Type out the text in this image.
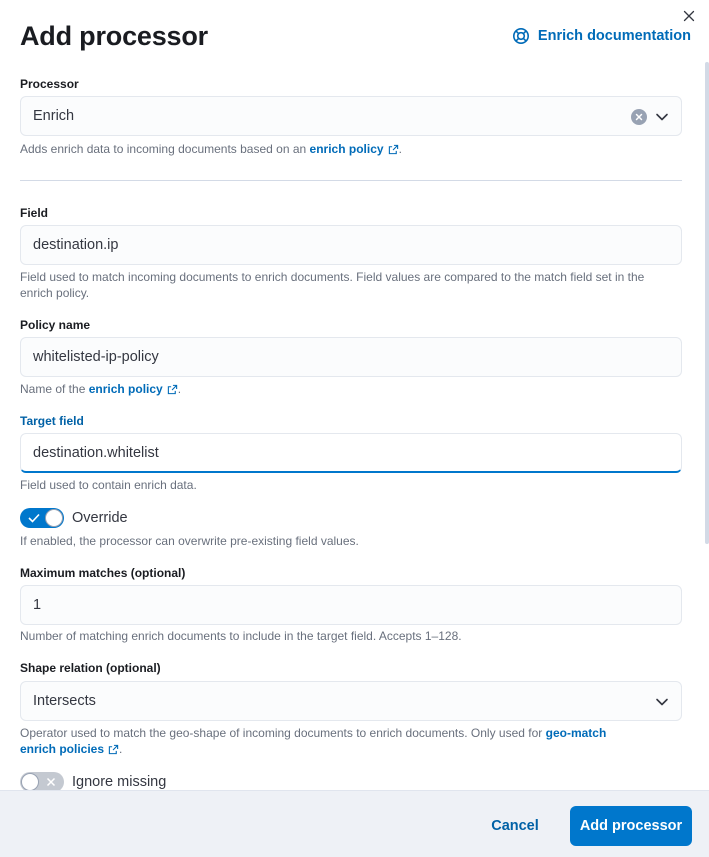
Add processor	Enrich documentation
Processor
Enrich
Adds enrich data to incoming documents based on an enrich policy .
Field
destination.ip
Field used to match incoming documents to enrich documents. Field values are compared to the match field set in the enrich policy.
Policy name
whitelisted-ip-policy
Name of the enrich policy .
Target field
destination.whitelist
Field used to contain enrich data.
Override
If enabled, the processor can overwrite pre-existing field values.
Maximum matches (optional)
1
Number of matching enrich documents to include in the target field. Accepts 1–128.
Shape relation (optional)
Intersects
Operator used to match the geo-shape of incoming documents to enrich documents. Only used for geo-match
enrich policies .
Ignore missing
Cancel	Add processor
